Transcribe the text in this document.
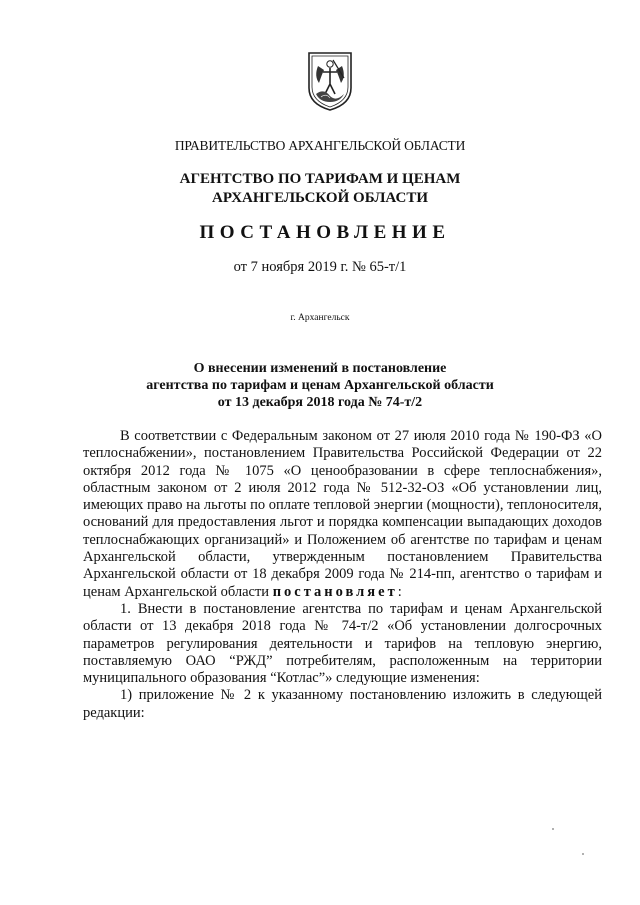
ПРАВИТЕЛЬСТВО АРХАНГЕЛЬСКОЙ ОБЛАСТИ
АГЕНТСТВО ПО ТАРИФАМ И ЦЕНАМ
АРХАНГЕЛЬСКОЙ ОБЛАСТИ
ПОСТАНОВЛЕНИЕ
от 7 ноября 2019 г. № 65-т/1
г. Архангельск
О внесении изменений в постановление
агентства по тарифам и ценам Архангельской области
от 13 декабря 2018 года № 74-т/2

В соответствии с Федеральным законом от 27 июля 2010 года № 190-ФЗ «О теплоснабжении», постановлением Правительства Российской Федерации от 22 октября 2012 года № 1075 «О ценообразовании в сфере теплоснабжения», областным законом от 2 июля 2012 года № 512-32-ОЗ «Об установлении лиц, имеющих право на льготы по оплате тепловой энергии (мощности), теплоносителя, оснований для предоставления льгот и порядка компенсации выпадающих доходов теплоснабжающих организаций» и Положением об агентстве по тарифам и ценам Архангельской области, утвержденным постановлением Правительства Архангельской области от 18 декабря 2009 года № 214-пп, агентство о тарифам и ценам Архангельской области постановляет:

1. Внести в постановление агентства по тарифам и ценам Архангельской области от 13 декабря 2018 года № 74-т/2 «Об установлении долгосрочных параметров регулирования деятельности и тарифов на тепловую энергию, поставляемую ОАО “РЖД” потребителям, расположенным на территории муниципального образования “Котлас”» следующие изменения:

1) приложение № 2 к указанному постановлению изложить в следующей редакции:
